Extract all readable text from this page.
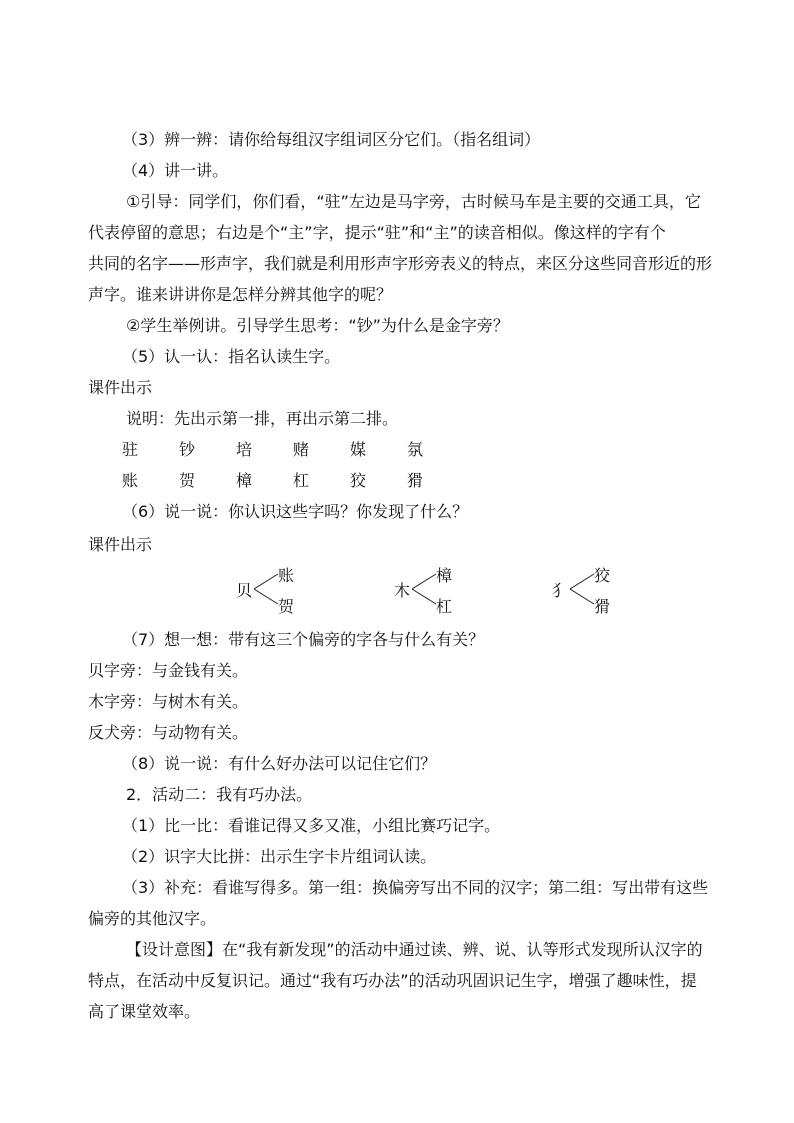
（3）辨一辨：请你给每组汉字组词区分它们。（指名组词）
（4）讲一讲。
①引导：同学们，你们看，“驻”左边是马字旁，古时候马车是主要的交通工具，它
代表停留的意思；右边是个“主”字，提示“驻”和“主”的读音相似。像这样的字有个
共同的名字——形声字，我们就是利用形声字形旁表义的特点，来区分这些同音形近的形
声字。谁来讲讲你是怎样分辨其他字的呢？
②学生举例讲。引导学生思考：“钞”为什么是金字旁？
（5）认一认：指名认读生字。
课件出示
说明：先出示第一排，再出示第二排。
驻	钞	培	赌	媒	氛
账	贺	樟	杠	狡	猾
（6）说一说：你认识这些字吗？你发现了什么？
课件出示
贝
账
贺
木
樟
杠
犭
狡
猾
（7）想一想：带有这三个偏旁的字各与什么有关？
贝字旁：与金钱有关。
木字旁：与树木有关。
反犬旁：与动物有关。
（8）说一说：有什么好办法可以记住它们？
2．活动二：我有巧办法。
（1）比一比：看谁记得又多又准，小组比赛巧记字。
（2）识字大比拼：出示生字卡片组词认读。
（3）补充：看谁写得多。第一组：换偏旁写出不同的汉字；第二组：写出带有这些
偏旁的其他汉字。
【设计意图】在“我有新发现”的活动中通过读、辨、说、认等形式发现所认汉字的
特点，在活动中反复识记。通过“我有巧办法”的活动巩固识记生字，增强了趣味性，提
高了课堂效率。
